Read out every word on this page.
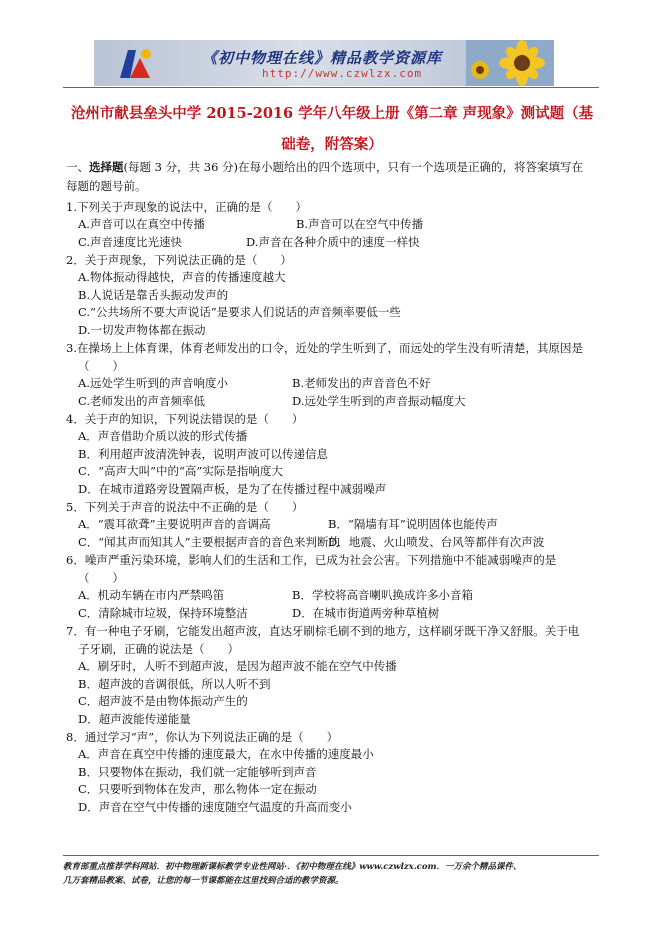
《初中物理在线》精品教学资源库
http://www.czwlzx.com
沧州市献县垒头中学 2015-2016 学年八年级上册《第二章 声现象》测试题（基
础卷，附答案）
一、选择题(每题 3 分，共 36 分)在每小题给出的四个选项中，只有一个选项是正确的，将答案填写在
每题的题号前。
1.下列关于声现象的说法中，正确的是（　　）
A.声音可以在真空中传播	B.声音可以在空气中传播
C.声音速度比光速快	D.声音在各种介质中的速度一样快
2．关于声现象，下列说法正确的是（　　）
A.物体振动得越快，声音的传播速度越大
B.人说话是靠舌头振动发声的
C.“公共场所不要大声说话”是要求人们说话的声音频率要低一些
D.一切发声物体都在振动
3.在操场上上体育课，体育老师发出的口令，近处的学生听到了，而远处的学生没有听清楚，其原因是
（　　）
A.远处学生听到的声音响度小	B.老师发出的声音音色不好
C.老师发出的声音频率低	D.远处学生听到的声音振动幅度大
4．关于声的知识，下列说法错误的是（　　）
A．声音借助介质以波的形式传播
B．利用超声波清洗钟表，说明声波可以传递信息
C．“高声大叫”中的“高”实际是指响度大
D．在城市道路旁设置隔声板，是为了在传播过程中减弱噪声
5．下列关于声音的说法中不正确的是（　　）
A．“震耳欲聋”主要说明声音的音调高	B．“隔墙有耳”说明固体也能传声
C．“闻其声而知其人”主要根据声音的音色来判断的
D．地震、火山喷发、台风等都伴有次声波
6．噪声严重污染环境，影响人们的生活和工作，已成为社会公害。下列措施中不能减弱噪声的是
（　　）
A．机动车辆在市内严禁鸣笛	B．学校将高音喇叭换成许多小音箱
C．清除城市垃圾，保持环境整洁	D．在城市街道两旁种草植树
7．有一种电子牙刷，它能发出超声波，直达牙刷棕毛刷不到的地方，这样刷牙既干净又舒服。关于电
子牙刷，正确的说法是（　　）
A．刷牙时，人听不到超声波，是因为超声波不能在空气中传播
B．超声波的音调很低，所以人听不到
C．超声波不是由物体振动产生的
D．超声波能传递能量
8．通过学习“声”，你认为下列说法正确的是（　　）
A．声音在真空中传播的速度最大，在水中传播的速度最小
B．只要物体在振动，我们就一定能够听到声音
C．只要听到物体在发声，那么物体一定在振动
D．声音在空气中传播的速度随空气温度的升高而变小
教育部重点推荐学科网站．初中物理新课标教学专业性网站·．《初中物理在线》www.czwlzx.com．一万余个精品课件、
几万套精品教案、试卷，让您的每一节课都能在这里找到合适的教学资源。
